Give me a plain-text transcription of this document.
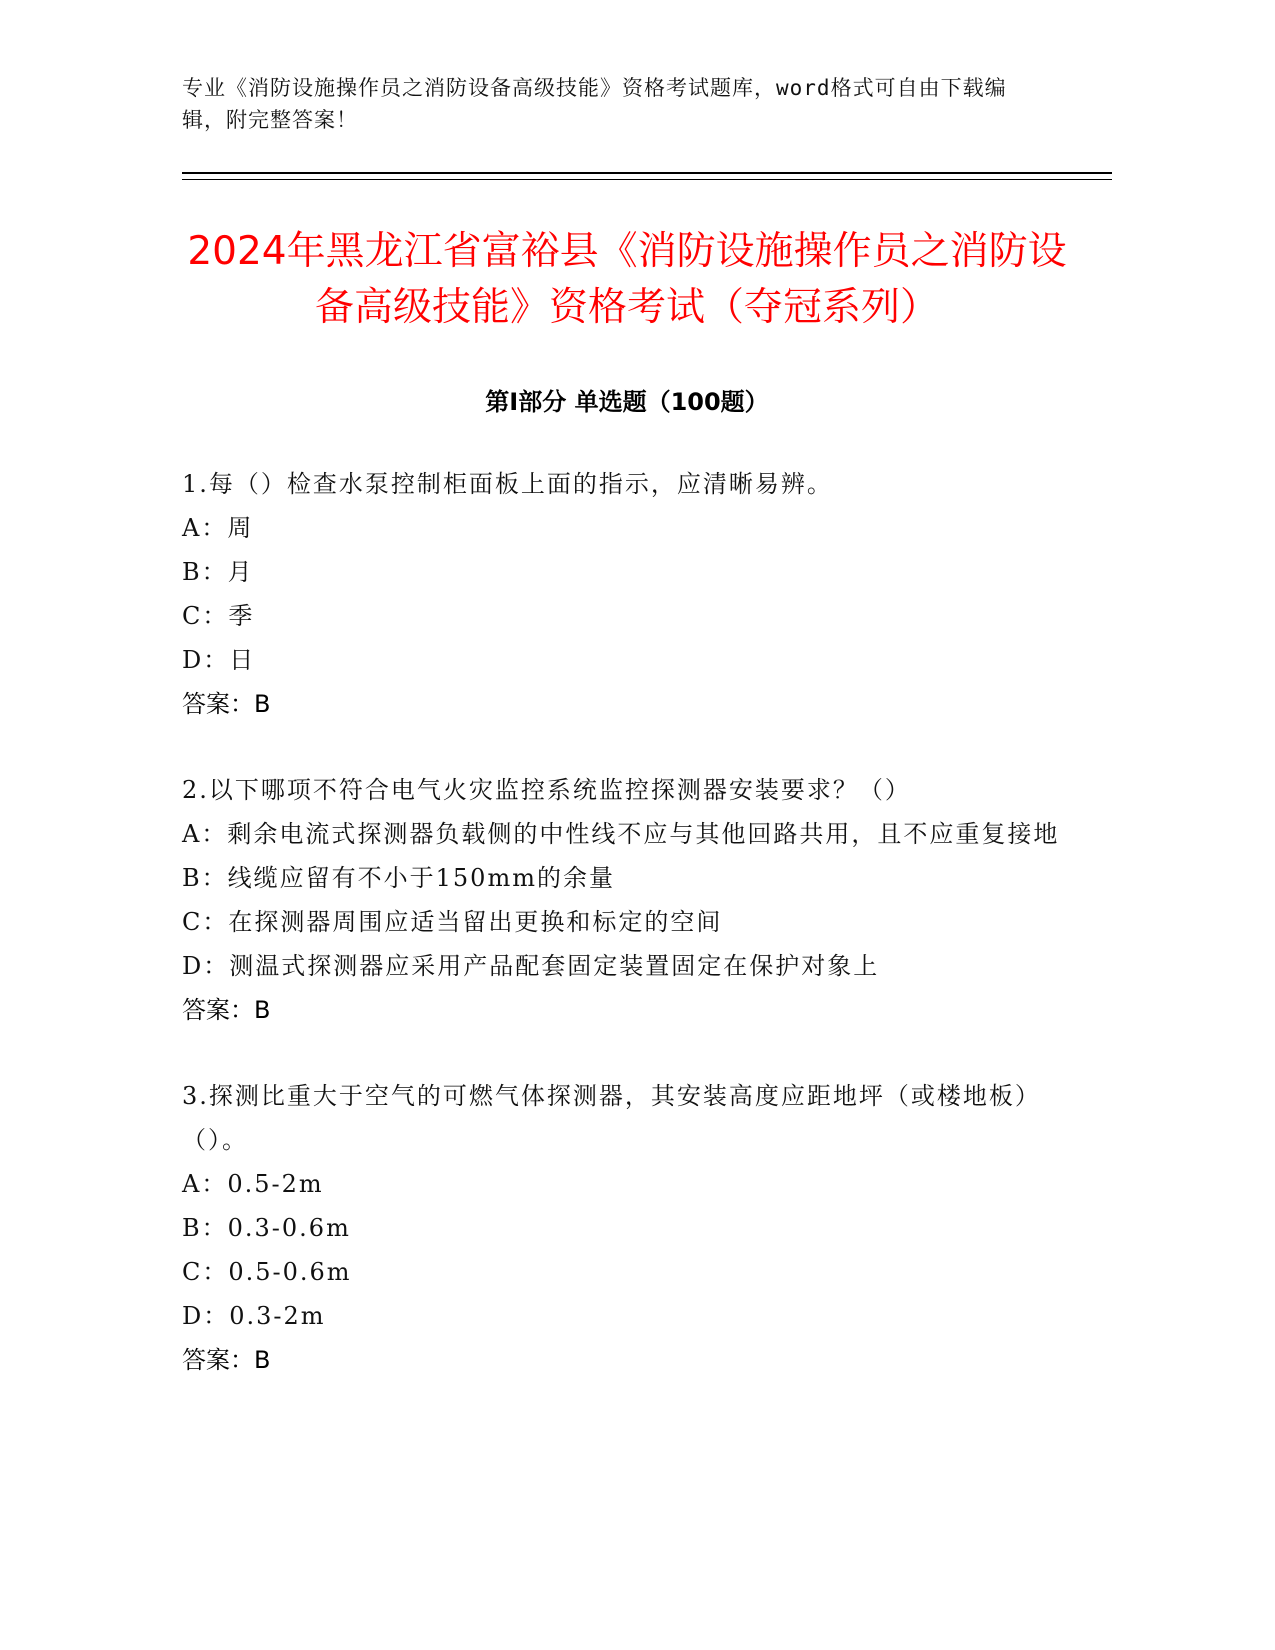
专业《消防设施操作员之消防设备高级技能》资格考试题库，word格式可自由下载编辑，附完整答案！
2024年黑龙江省富裕县《消防设施操作员之消防设备高级技能》资格考试（夺冠系列）
第Ⅰ部分 单选题（100题）
1.每（）检查水泵控制柜面板上面的指示，应清晰易辨。
A：周
B：月
C：季
D：日
答案：B
2.以下哪项不符合电气火灾监控系统监控探测器安装要求？（）
A：剩余电流式探测器负载侧的中性线不应与其他回路共用，且不应重复接地
B：线缆应留有不小于150mm的余量
C：在探测器周围应适当留出更换和标定的空间
D：测温式探测器应采用产品配套固定装置固定在保护对象上
答案：B
3.探测比重大于空气的可燃气体探测器，其安装高度应距地坪（或楼地板）（）。
A：0.5-2m
B：0.3-0.6m
C：0.5-0.6m
D：0.3-2m
答案：B
